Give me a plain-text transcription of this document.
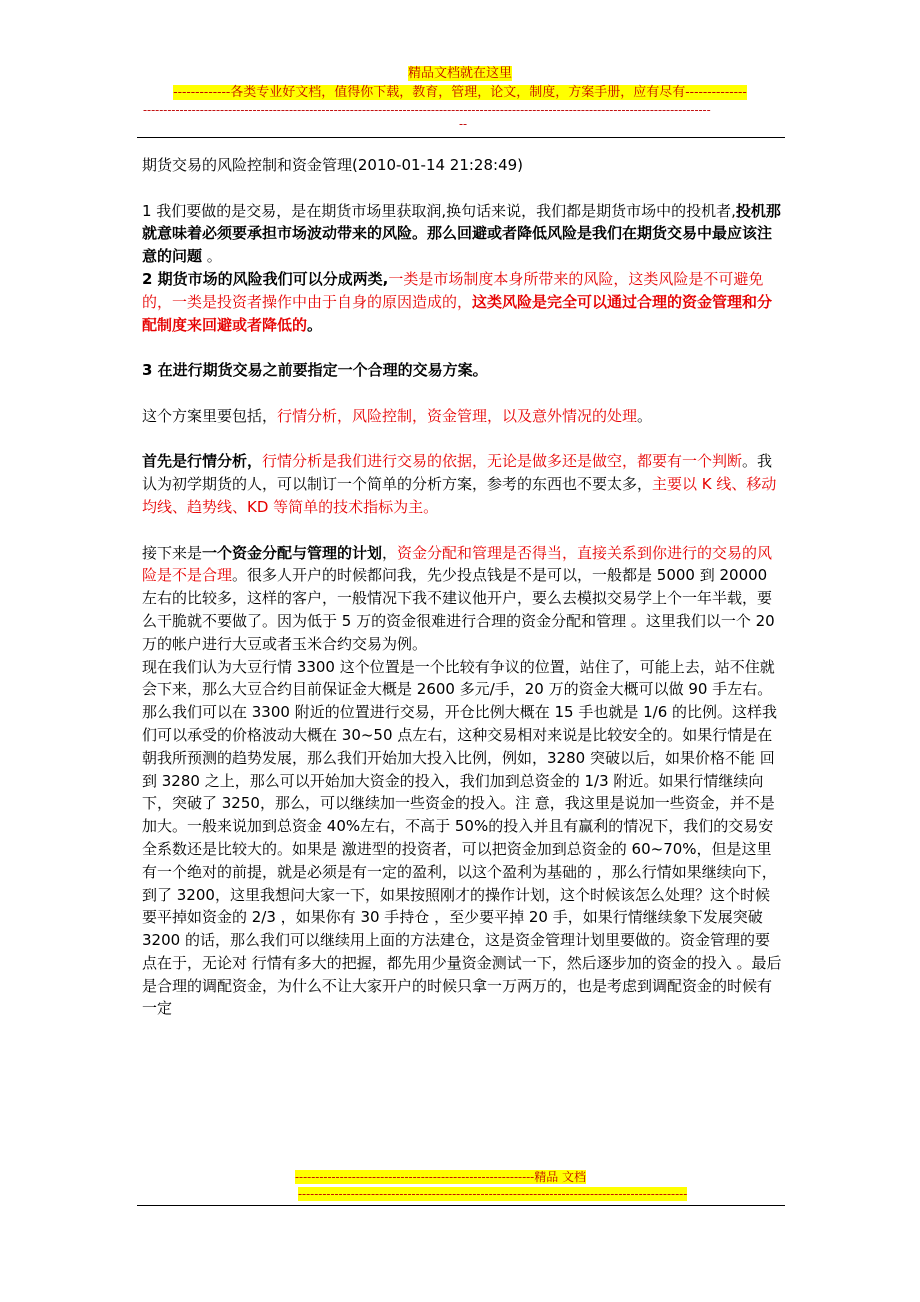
精品文档就在这里
-------------各类专业好文档，值得你下载，教育，管理，论文，制度，方案手册，应有尽有--------------
--------------------------------------------------------------------------------------------------------------------------------------------
--

期货交易的风险控制和资金管理(2010-01-14 21:28:49)

1 我们要做的是交易，是在期货市场里获取润,换句话来说，我们都是期货市场中的投机者,投机那就意味着必须要承担市场波动带来的风险。那么回避或者降低风险是我们在期货交易中最应该注意的问题 。

2 期货市场的风险我们可以分成两类,一类是市场制度本身所带来的风险，这类风险是不可避免的，一类是投资者操作中由于自身的原因造成的，这类风险是完全可以通过合理的资金管理和分配制度来回避或者降低的。

3 在进行期货交易之前要指定一个合理的交易方案。

这个方案里要包括，行情分析，风险控制，资金管理，以及意外情况的处理。

首先是行情分析，行情分析是我们进行交易的依据，无论是做多还是做空，都要有一个判断。我认为初学期货的人，可以制订一个简单的分析方案，参考的东西也不要太多，主要以 K 线、移动均线、趋势线、KD 等简单的技术指标为主。

接下来是一个资金分配与管理的计划，资金分配和管理是否得当，直接关系到你进行的交易的风险是不是合理。很多人开户的时候都问我，先少投点钱是不是可以，一般都是 5000 到 20000 左右的比较多，这样的客户，一般情况下我不建议他开户，要么去模拟交易学上个一年半载，要么干脆就不要做了。因为低于 5 万的资金很难进行合理的资金分配和管理 。这里我们以一个 20 万的帐户进行大豆或者玉米合约交易为例。

现在我们认为大豆行情 3300 这个位置是一个比较有争议的位置，站住了，可能上去，站不住就会下来，那么大豆合约目前保证金大概是 2600 多元/手，20 万的资金大概可以做 90 手左右。那么我们可以在 3300 附近的位置进行交易，开仓比例大概在 15 手也就是 1/6 的比例。这样我们可以承受的价格波动大概在 30~50 点左右，这种交易相对来说是比较安全的。如果行情是在朝我所预测的趋势发展，那么我们开始加大投入比例，例如，3280 突破以后，如果价格不能 回到 3280 之上，那么可以开始加大资金的投入，我们加到总资金的 1/3 附近。如果行情继续向下，突破了 3250，那么，可以继续加一些资金的投入。注 意，我这里是说加一些资金，并不是加大。一般来说加到总资金 40%左右，不高于 50%的投入并且有赢利的情况下，我们的交易安全系数还是比较大的。如果是 激进型的投资者，可以把资金加到总资金的 60~70%，但是这里有一个绝对的前提，就是必须是有一定的盈利，以这个盈利为基础的 ，那么行情如果继续向下，到了 3200，这里我想问大家一下，如果按照刚才的操作计划，这个时候该怎么处理？这个时候要平掉如资金的 2/3 ，如果你有 30 手持仓 ，至少要平掉 20 手，如果行情继续象下发展突破 3200 的话，那么我们可以继续用上面的方法建仓，这是资金管理计划里要做的。资金管理的要点在于，无论对 行情有多大的把握，都先用少量资金测试一下，然后逐步加的资金的投入 。最后是合理的调配资金，为什么不让大家开户的时候只拿一万两万的，也是考虑到调配资金的时候有一定

-----------------------------------------------------------精品 文档
------------------------------------------------------------------------------------------------
